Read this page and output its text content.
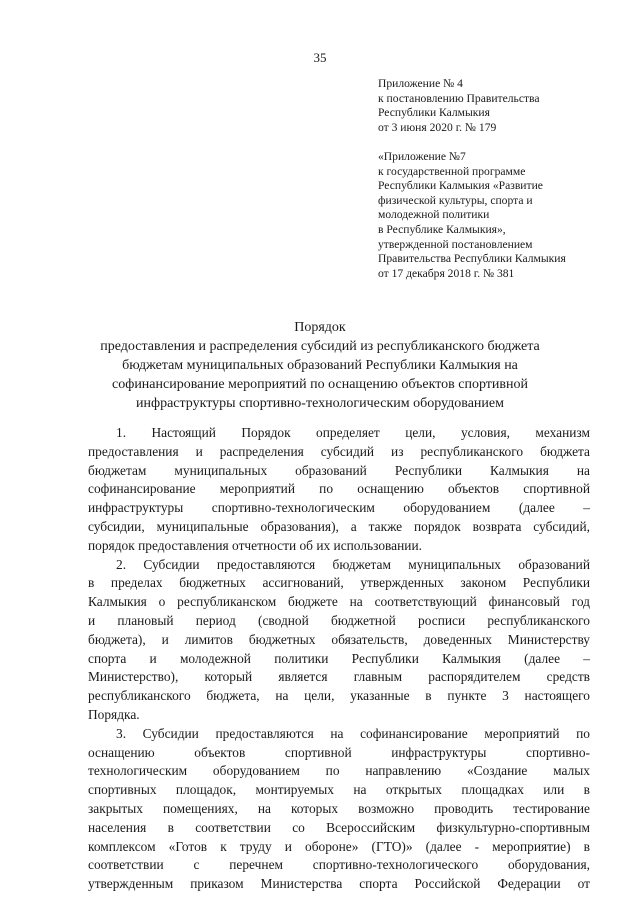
35
Приложение № 4
к постановлению Правительства
Республики Калмыкия
от 3 июня 2020 г. № 179
«Приложение №7
к государственной программе
Республики Калмыкия «Развитие
физической культуры, спорта и
молодежной политики
в Республике Калмыкия»,
утвержденной постановлением
Правительства Республики Калмыкия
от 17 декабря 2018 г. № 381
Порядок
предоставления и распределения субсидий из республиканского бюджета
бюджетам муниципальных образований Республики Калмыкия на
софинансирование мероприятий по оснащению объектов спортивной
инфраструктуры спортивно-технологическим оборудованием
1. Настоящий Порядок определяет цели, условия, механизм
предоставления и распределения субсидий из республиканского бюджета
бюджетам муниципальных образований Республики Калмыкия на
софинансирование мероприятий по оснащению объектов спортивной
инфраструктуры спортивно-технологическим оборудованием (далее –
субсидии, муниципальные образования), а также порядок возврата субсидий,
порядок предоставления отчетности об их использовании.
2. Субсидии предоставляются бюджетам муниципальных образований
в пределах бюджетных ассигнований, утвержденных законом Республики
Калмыкия о республиканском бюджете на соответствующий финансовый год
и плановый период (сводной бюджетной росписи республиканского
бюджета), и лимитов бюджетных обязательств, доведенных Министерству
спорта и молодежной политики Республики Калмыкия (далее –
Министерство), который является главным распорядителем средств
республиканского бюджета, на цели, указанные в пункте 3 настоящего
Порядка.
3. Субсидии предоставляются на софинансирование мероприятий по
оснащению объектов спортивной инфраструктуры спортивно-
технологическим оборудованием по направлению «Создание малых
спортивных площадок, монтируемых на открытых площадках или в
закрытых помещениях, на которых возможно проводить тестирование
населения в соответствии со Всероссийским физкультурно-спортивным
комплексом «Готов к труду и обороне» (ГТО)» (далее - мероприятие) в
соответствии с перечнем спортивно-технологического оборудования,
утвержденным приказом Министерства спорта Российской Федерации от
